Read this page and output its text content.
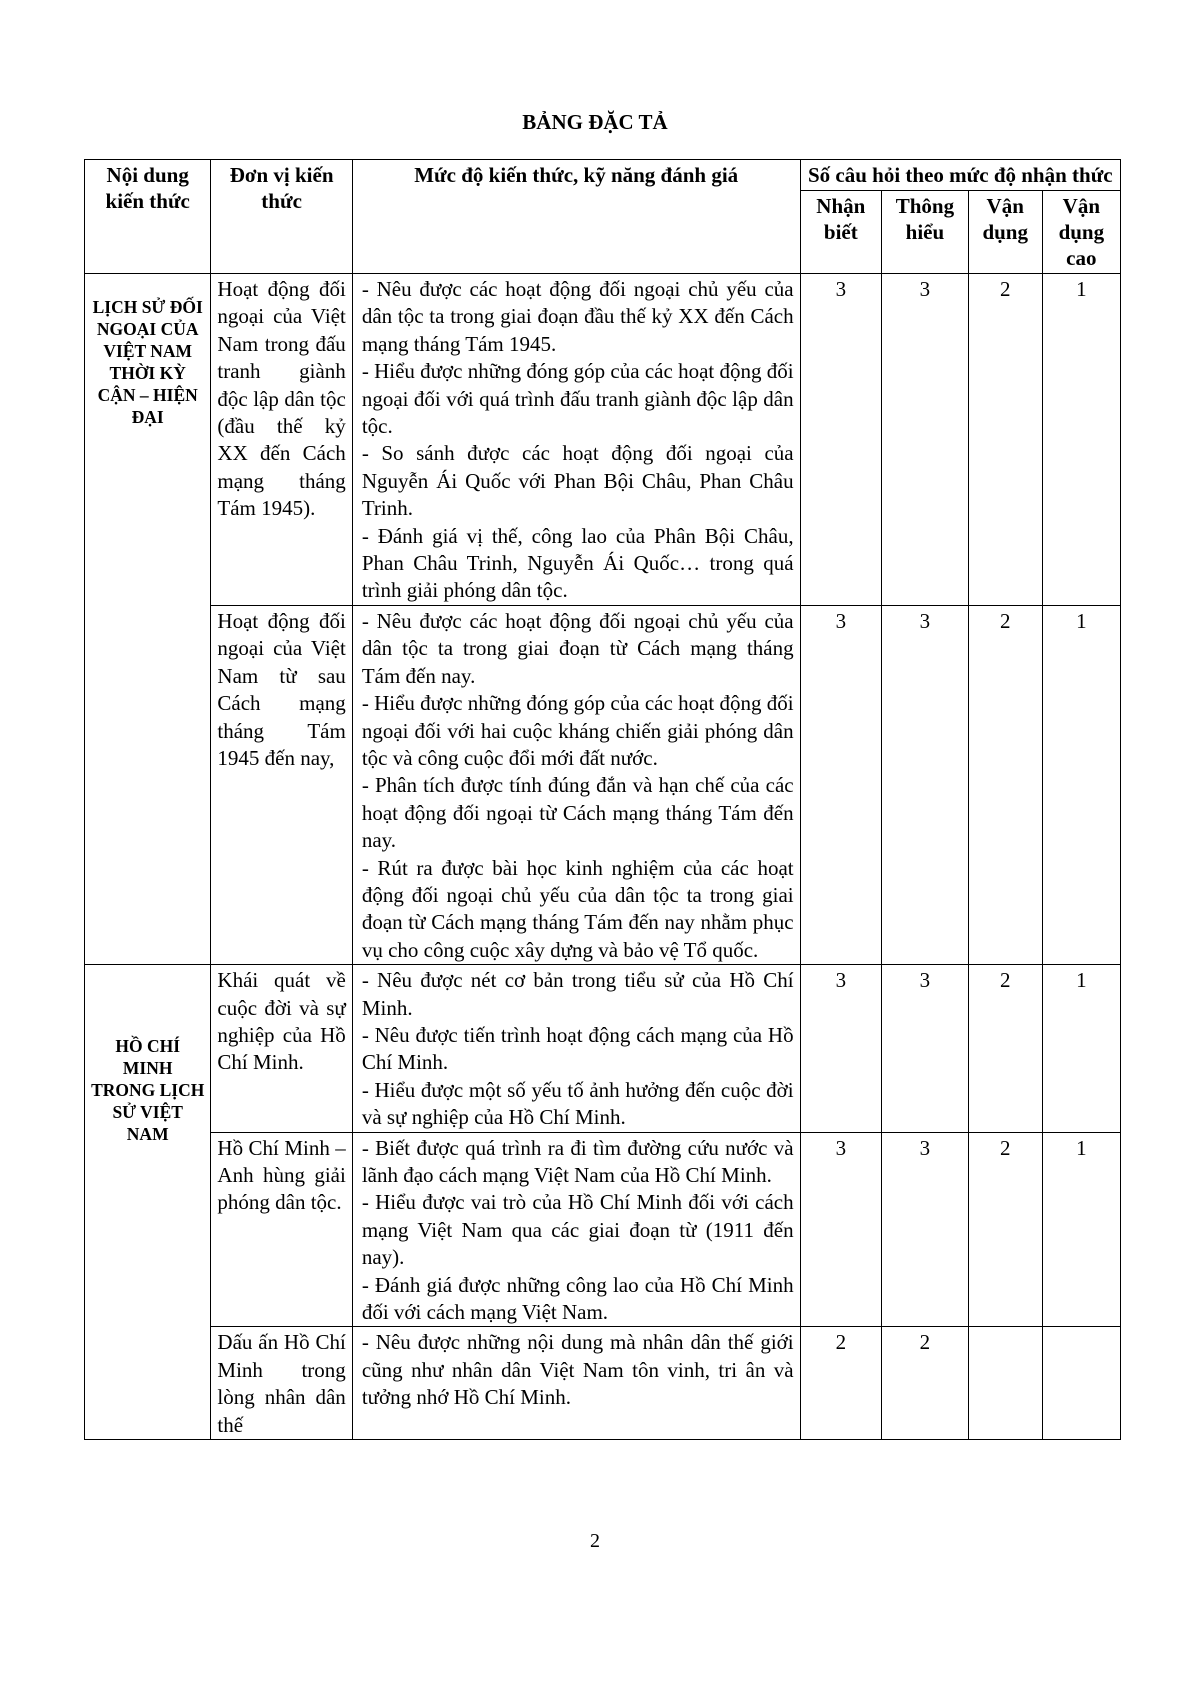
BẢNG ĐẶC TẢ
Nội dung kiến thức	Đơn vị kiến thức	Mức độ kiến thức, kỹ năng đánh giá	Số câu hỏi theo mức độ nhận thức			
			Nhận biết	Thông hiểu	Vận dụng	Vận dụng cao
LỊCH SỬ ĐỐI NGOẠI CỦA VIỆT NAM THỜI KỲ CẬN – HIỆN ĐẠI	Hoạt động đối ngoại của Việt Nam trong đấu tranh giành độc lập dân tộc (đầu thế kỷ XX đến Cách mạng tháng Tám 1945).	- Nêu được các hoạt động đối ngoại chủ yếu của dân tộc ta trong giai đoạn đầu thế kỷ XX đến Cách mạng tháng Tám 1945.
- Hiểu được những đóng góp của các hoạt động đối ngoại đối với quá trình đấu tranh giành độc lập dân tộc.
- So sánh được các hoạt động đối ngoại của Nguyễn Ái Quốc với Phan Bội Châu, Phan Châu Trinh.
- Đánh giá vị thế, công lao của Phân Bội Châu, Phan Châu Trinh, Nguyễn Ái Quốc… trong quá trình giải phóng dân tộc.	3	3	2	1
	Hoạt động đối ngoại của Việt Nam từ sau Cách mạng tháng Tám 1945 đến nay,	- Nêu được các hoạt động đối ngoại chủ yếu của dân tộc ta trong giai đoạn từ Cách mạng tháng Tám đến nay.
- Hiểu được những đóng góp của các hoạt động đối ngoại đối với hai cuộc kháng chiến giải phóng dân tộc và công cuộc đổi mới đất nước.
- Phân tích được tính đúng đắn và hạn chế của các hoạt động đối ngoại từ Cách mạng tháng Tám đến nay.
- Rút ra được bài học kinh nghiệm của các hoạt động đối ngoại chủ yếu của dân tộc ta trong giai đoạn từ Cách mạng tháng Tám đến nay nhằm phục vụ cho công cuộc xây dựng và bảo vệ Tổ quốc.	3	3	2	1
HỒ CHÍ MINH TRONG LỊCH SỬ VIỆT NAM	Khái quát về cuộc đời và sự nghiệp của Hồ Chí Minh.	- Nêu được nét cơ bản trong tiểu sử của Hồ Chí Minh.
- Nêu được tiến trình hoạt động cách mạng của Hồ Chí Minh.
- Hiểu được một số yếu tố ảnh hưởng đến cuộc đời và sự nghiệp của Hồ Chí Minh.	3	3	2	1
	Hồ Chí Minh – Anh hùng giải phóng dân tộc.	- Biết được quá trình ra đi tìm đường cứu nước và lãnh đạo cách mạng Việt Nam của Hồ Chí Minh.
- Hiểu được vai trò của Hồ Chí Minh đối với cách mạng Việt Nam qua các giai đoạn từ (1911 đến nay).
- Đánh giá được những công lao của Hồ Chí Minh đối với cách mạng Việt Nam.	3	3	2	1
	Dấu ấn Hồ Chí Minh trong lòng nhân dân thế	- Nêu được những nội dung mà nhân dân thế giới cũng như nhân dân Việt Nam tôn vinh, tri ân và tưởng nhớ Hồ Chí Minh.	2	2		
2
